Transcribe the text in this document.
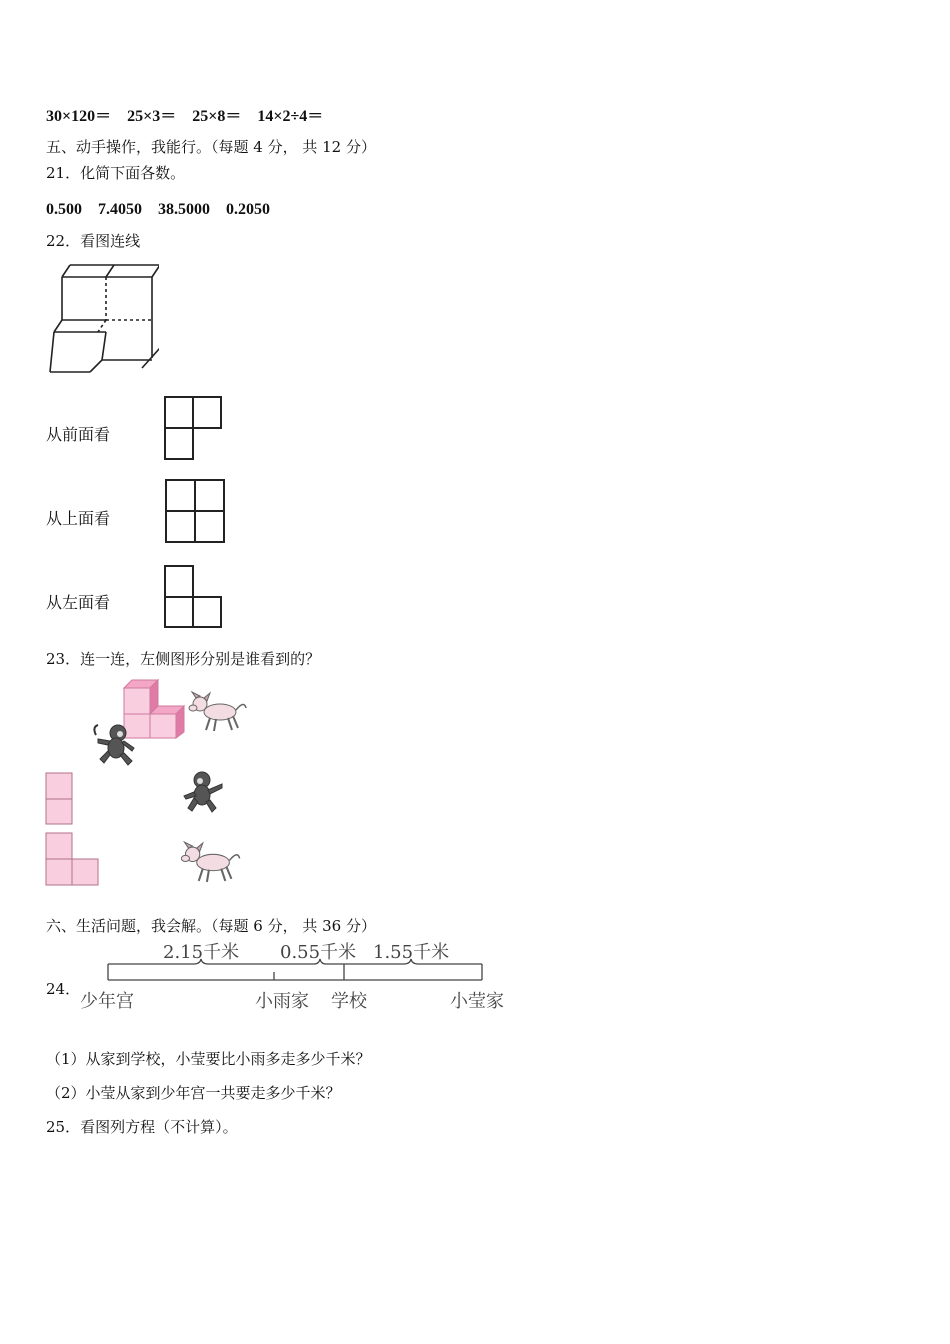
30×120＝　25×3＝　25×8＝　14×2÷4＝
五、动手操作，我能行。（每题 4 分， 共 12 分）
21．化简下面各数。
0.500　7.4050　38.5000　0.2050
22．看图连线
从前面看
从上面看
从左面看
23．连一连，左侧图形分别是谁看到的？
六、生活问题，我会解。（每题 6 分， 共 36 分）
24．
2.15千米 0.55千米 1.55千米
少年宫	小雨家 学校	小莹家
（1）从家到学校，小莹要比小雨多走多少千米？
（2）小莹从家到少年宫一共要走多少千米？
25．看图列方程（不计算）。
